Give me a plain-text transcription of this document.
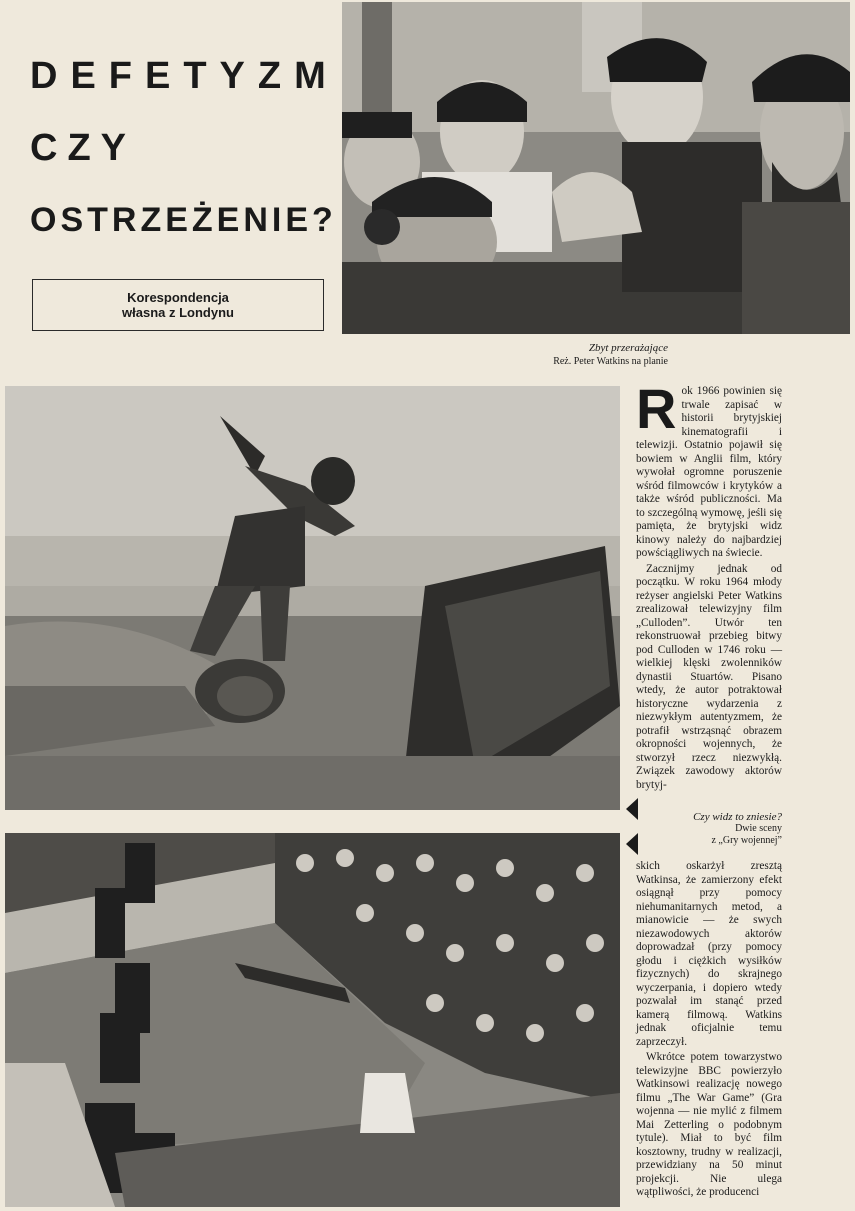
DEFETYZM
CZY
OSTRZEŻENIE?
Korespondencja
własna z Londynu
Zbyt przerażające
Reż. Peter Watkins na planie

Rok 1966 powinien się trwale zapisać w historii brytyjskiej kinematografii i telewizji. Ostatnio pojawił się bowiem w Anglii film, który wywołał ogromne poruszenie wśród filmowców i krytyków a także wśród publiczności. Ma to szczególną wymowę, jeśli się pamięta, że brytyjski widz kinowy należy do najbardziej powściągliwych na świecie.

Zacznijmy jednak od początku. W roku 1964 młody reżyser angielski Peter Watkins zrealizował telewizyjny film „Culloden”. Utwór ten rekonstruował przebieg bitwy pod Culloden w 1746 roku — wielkiej klęski zwolenników dynastii Stuartów. Pisano wtedy, że autor potraktował historyczne wydarzenia z niezwykłym autentyzmem, że potrafił wstrząsnąć obrazem okropności wojennych, że stworzył rzecz niezwykłą. Związek zawodowy aktorów brytyj-

Czy widz to zniesie?
Dwie sceny
z „Gry wojennej”

skich oskarżył zresztą Watkinsa, że zamierzony efekt osiągnął przy pomocy niehumanitarnych metod, a mianowicie — że swych niezawodowych aktorów doprowadzał (przy pomocy głodu i ciężkich wysiłków fizycznych) do skrajnego wyczerpania, i dopiero wtedy pozwalał im stanąć przed kamerą filmową. Watkins jednak oficjalnie temu zaprzeczył.

Wkrótce potem towarzystwo telewizyjne BBC powierzyło Watkinsowi realizację nowego filmu „The War Game” (Gra wojenna — nie mylić z filmem Mai Zetterling o podobnym tytule). Miał to być film kosztowny, trudny w realizacji, przewidziany na 50 minut projekcji. Nie ulega wątpliwości, że producenci
